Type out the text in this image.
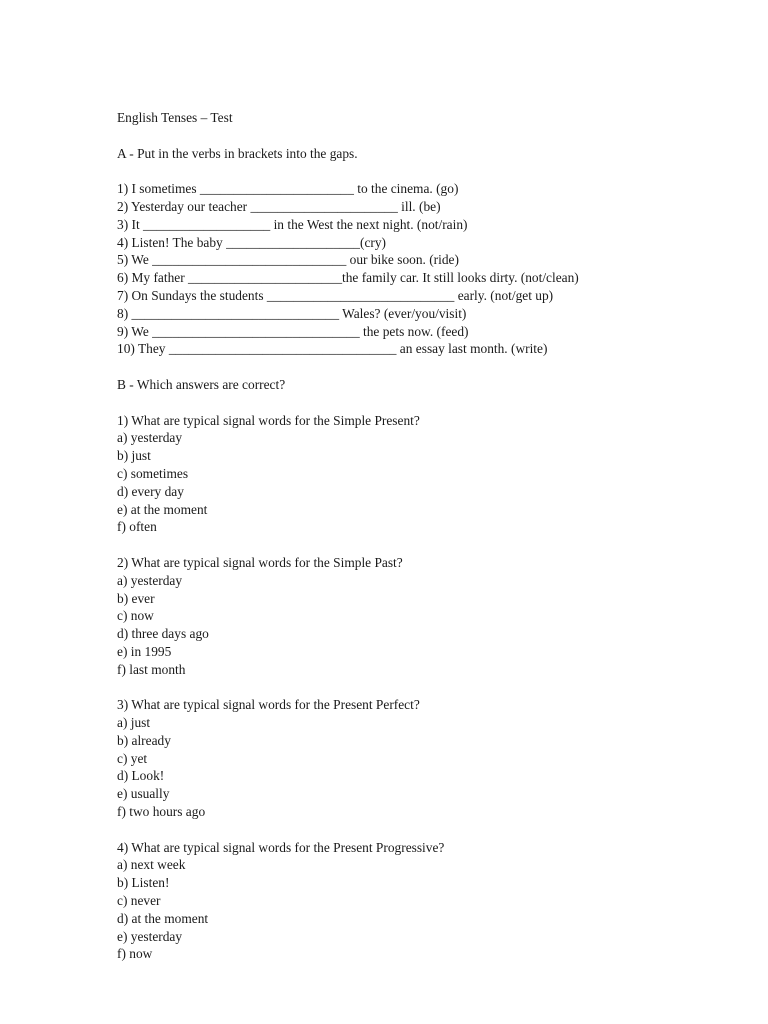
English Tenses – Test
A - Put in the verbs in brackets into the gaps.
1) I sometimes _______________________ to the cinema. (go)
2) Yesterday our teacher ______________________ ill. (be)
3) It ___________________ in the West the next night. (not/rain)
4) Listen! The baby ____________________(cry)
5) We _____________________________ our bike soon. (ride)
6) My father _______________________the family car. It still looks dirty. (not/clean)
7) On Sundays the students ____________________________ early. (not/get up)
8) _______________________________ Wales? (ever/you/visit)
9) We _______________________________ the pets now. (feed)
10) They __________________________________ an essay last month. (write)
B - Which answers are correct?
1) What are typical signal words for the Simple Present?
a) yesterday
b) just
c) sometimes
d) every day
e) at the moment
f) often
2) What are typical signal words for the Simple Past?
a) yesterday
b) ever
c) now
d) three days ago
e) in 1995
f) last month
3) What are typical signal words for the Present Perfect?
a) just
b) already
c) yet
d) Look!
e) usually
f) two hours ago
4) What are typical signal words for the Present Progressive?
a) next week
b) Listen!
c) never
d) at the moment
e) yesterday
f) now
